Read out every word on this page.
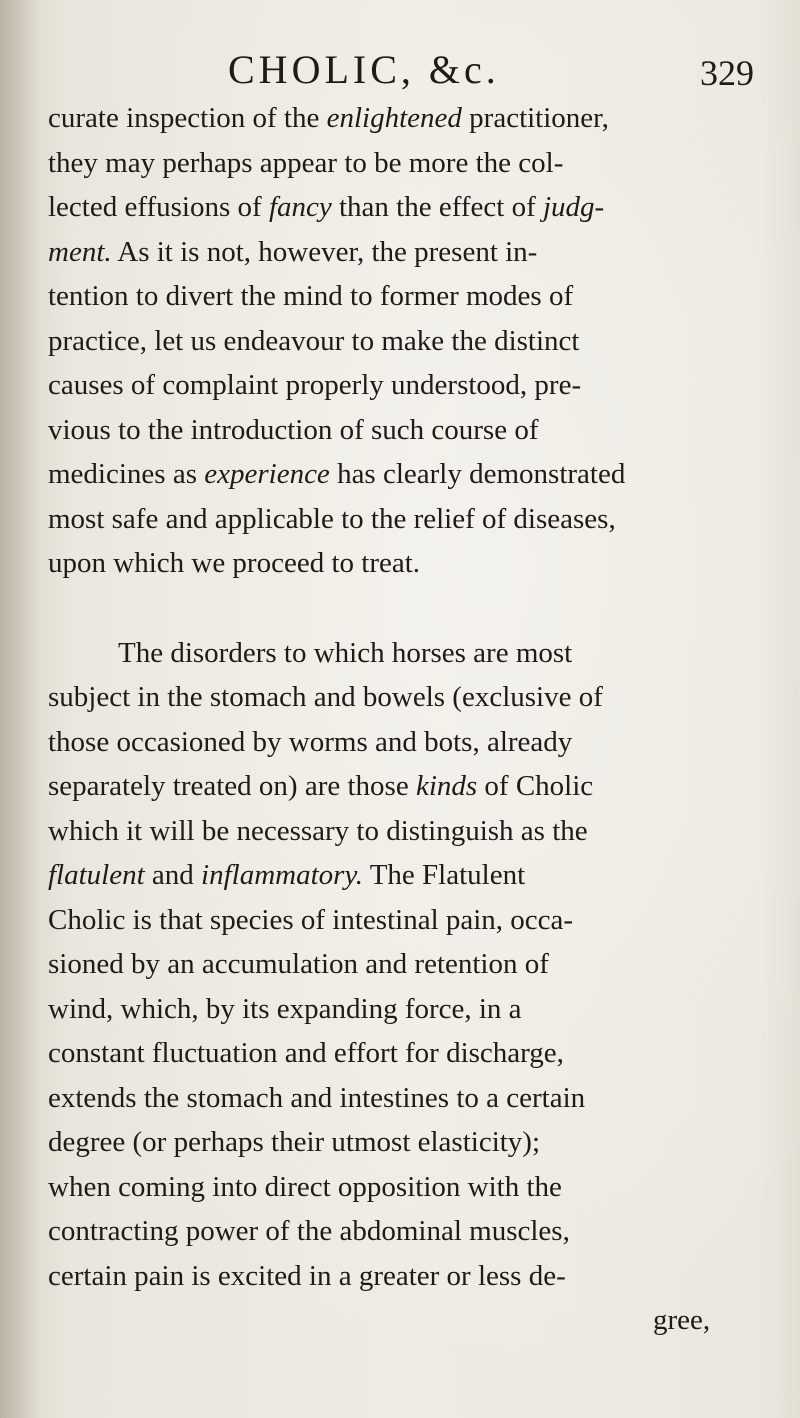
CHOLIC, &c.	329
curate inspection of the enlightened practitioner,
they may perhaps appear to be more the col-
lected effusions of fancy than the effect of judg-
ment. As it is not, however, the present in-
tention to divert the mind to former modes of
practice, let us endeavour to make the distinct
causes of complaint properly understood, pre-
vious to the introduction of such course of
medicines as experience has clearly demonstrated
most safe and applicable to the relief of diseases,
upon which we proceed to treat.
The disorders to which horses are most
subject in the stomach and bowels (exclusive of
those occasioned by worms and bots, already
separately treated on) are those kinds of Cholic
which it will be necessary to distinguish as the
flatulent and inflammatory. The Flatulent
Cholic is that species of intestinal pain, occa-
sioned by an accumulation and retention of
wind, which, by its expanding force, in a
constant fluctuation and effort for discharge,
extends the stomach and intestines to a certain
degree (or perhaps their utmost elasticity);
when coming into direct opposition with the
contracting power of the abdominal muscles,
certain pain is excited in a greater or less de-
gree,
